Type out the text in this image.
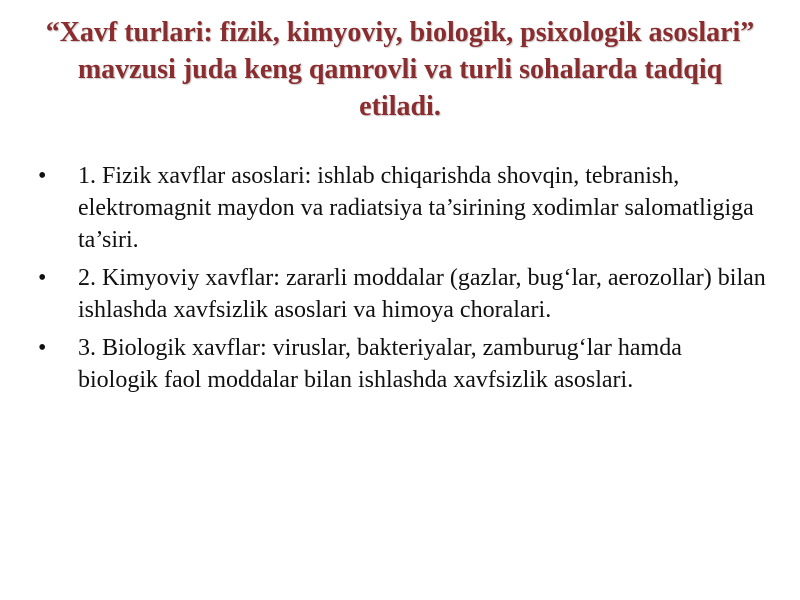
“Xavf turlari: fizik, kimyoviy, biologik, psixologik asoslari” mavzusi juda keng qamrovli va turli sohalarda tadqiq etiladi.
•	1. Fizik xavflar asoslari: ishlab chiqarishda shovqin, tebranish, elektromagnit maydon va radiatsiya ta’sirining xodimlar salomatligiga ta’siri.
•	2. Kimyoviy xavflar: zararli moddalar (gazlar, bug‘lar, aerozollar) bilan ishlashda xavfsizlik asoslari va himoya choralari.
•	3. Biologik xavflar: viruslar, bakteriyalar, zamburug‘lar hamda biologik faol moddalar bilan ishlashda xavfsizlik asoslari.
